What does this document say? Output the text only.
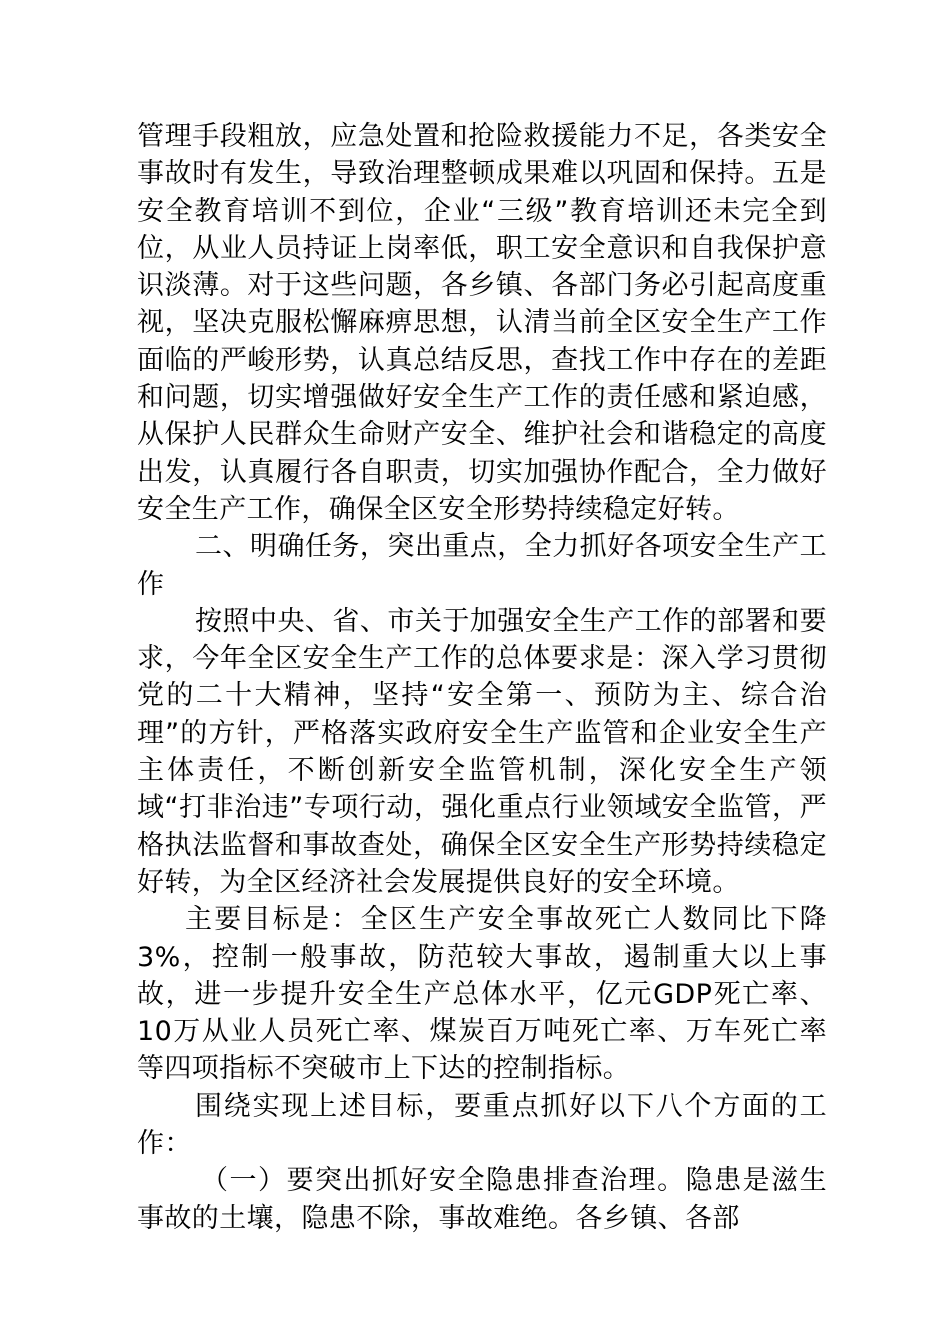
管理手段粗放，应急处置和抢险救援能力不足，各类安全事故时有发生，导致治理整顿成果难以巩固和保持。五是安全教育培训不到位，企业“三级”教育培训还未完全到位，从业人员持证上岗率低，职工安全意识和自我保护意识淡薄。对于这些问题，各乡镇、各部门务必引起高度重视，坚决克服松懈麻痹思想，认清当前全区安全生产工作面临的严峻形势，认真总结反思，查找工作中存在的差距和问题，切实增强做好安全生产工作的责任感和紧迫感，从保护人民群众生命财产安全、维护社会和谐稳定的高度出发，认真履行各自职责，切实加强协作配合，全力做好安全生产工作，确保全区安全形势持续稳定好转。

二、明确任务，突出重点，全力抓好各项安全生产工作

按照中央、省、市关于加强安全生产工作的部署和要求，今年全区安全生产工作的总体要求是：深入学习贯彻党的二十大精神，坚持“安全第一、预防为主、综合治理”的方针，严格落实政府安全生产监管和企业安全生产主体责任，不断创新安全监管机制，深化安全生产领域“打非治违”专项行动，强化重点行业领域安全监管，严格执法监督和事故查处，确保全区安全生产形势持续稳定好转，为全区经济社会发展提供良好的安全环境。

主要目标是：全区生产安全事故死亡人数同比下降3%，控制一般事故，防范较大事故，遏制重大以上事故，进一步提升安全生产总体水平，亿元GDP死亡率、10万从业人员死亡率、煤炭百万吨死亡率、万车死亡率等四项指标不突破市上下达的控制指标。

围绕实现上述目标，要重点抓好以下八个方面的工作：

（一）要突出抓好安全隐患排查治理。隐患是滋生事故的土壤，隐患不除，事故难绝。各乡镇、各部
